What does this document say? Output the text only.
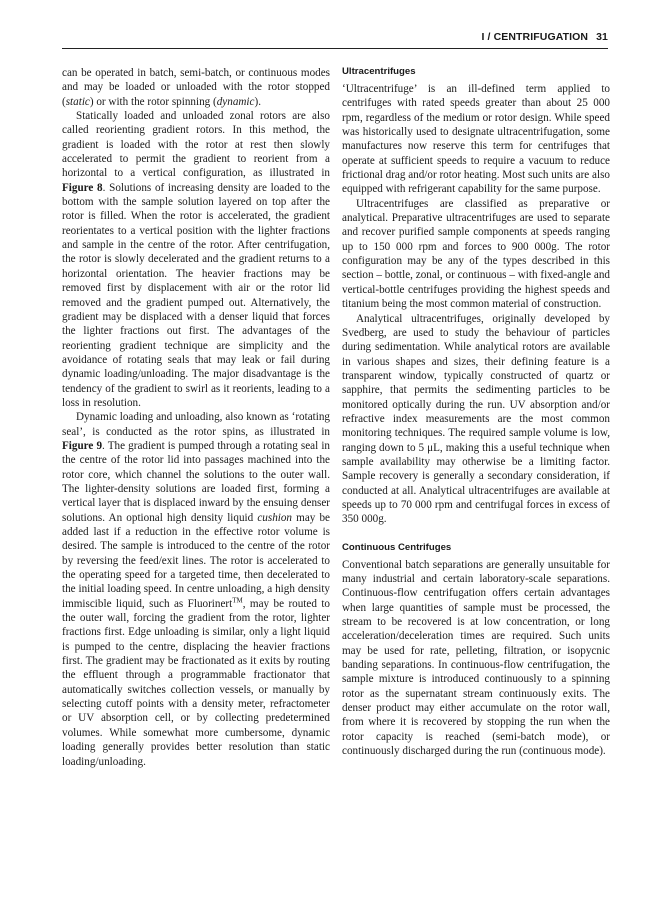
I / CENTRIFUGATION 31

can be operated in batch, semi-batch, or continuous modes and may be loaded or unloaded with the rotor stopped (static) or with the rotor spinning (dynamic).

Statically loaded and unloaded zonal rotors are also called reorienting gradient rotors. In this method, the gradient is loaded with the rotor at rest then slowly accelerated to permit the gradient to reorient from a horizontal to a vertical configuration, as illustrated in Figure 8. Solutions of increasing density are loaded to the bottom with the sample solution layered on top after the rotor is filled. When the rotor is accelerated, the gradient reorientates to a vertical position with the lighter fractions and sample in the centre of the rotor. After centrifugation, the rotor is slowly decelerated and the gradient returns to a horizontal orientation. The heavier fractions may be removed first by displacement with air or the rotor lid removed and the gradient pumped out. Alternatively, the gradient may be displaced with a denser liquid that forces the lighter fractions out first. The advantages of the reorienting gradient technique are simplicity and the avoidance of rotating seals that may leak or fail during dynamic loading/unloading. The major disadvantage is the tendency of the gradient to swirl as it reorients, leading to a loss in resolution.

Dynamic loading and unloading, also known as ‘rotating seal’, is conducted as the rotor spins, as illustrated in Figure 9. The gradient is pumped through a rotating seal in the centre of the rotor lid into passages machined into the rotor core, which channel the solutions to the outer wall. The lighter-density solutions are loaded first, forming a vertical layer that is displaced inward by the ensuing denser solutions. An optional high density liquid cushion may be added last if a reduction in the effective rotor volume is desired. The sample is introduced to the centre of the rotor by reversing the feed/exit lines. The rotor is accelerated to the operating speed for a targeted time, then decelerated to the initial loading speed. In centre unloading, a high density immiscible liquid, such as Fluorinert™, may be routed to the outer wall, forcing the gradient from the rotor, lighter fractions first. Edge unloading is similar, only a light liquid is pumped to the centre, displacing the heavier fractions first. The gradient may be fractionated as it exits by routing the effluent through a programmable fractionator that automatically switches collection vessels, or manually by selecting cutoff points with a density meter, refractometer or UV absorption cell, or by collecting predetermined volumes. While somewhat more cumbersome, dynamic loading generally provides better resolution than static loading/unloading.

Ultracentrifuges

‘Ultracentrifuge’ is an ill-defined term applied to centrifuges with rated speeds greater than about 25 000 rpm, regardless of the medium or rotor design. While speed was historically used to designate ultracentrifugation, some manufactures now reserve this term for centrifuges that operate at sufficient speeds to require a vacuum to reduce frictional drag and/or rotor heating. Most such units are also equipped with refrigerant capability for the same purpose.

Ultracentrifuges are classified as preparative or analytical. Preparative ultracentrifuges are used to separate and recover purified sample components at speeds ranging up to 150 000 rpm and forces to 900 000g. The rotor configuration may be any of the types described in this section – bottle, zonal, or continuous – with fixed-angle and vertical-bottle centrifuges providing the highest speeds and titanium being the most common material of construction.

Analytical ultracentrifuges, originally developed by Svedberg, are used to study the behaviour of particles during sedimentation. While analytical rotors are available in various shapes and sizes, their defining feature is a transparent window, typically constructed of quartz or sapphire, that permits the sedimenting particles to be monitored optically during the run. UV absorption and/or refractive index measurements are the most common monitoring techniques. The required sample volume is low, ranging down to 5 μL, making this a useful technique when sample availability may otherwise be a limiting factor. Sample recovery is generally a secondary consideration, if conducted at all. Analytical ultracentrifuges are available at speeds up to 70 000 rpm and centrifugal forces in excess of 350 000g.

Continuous Centrifuges

Conventional batch separations are generally unsuitable for many industrial and certain laboratory-scale separations. Continuous-flow centrifugation offers certain advantages when large quantities of sample must be processed, the stream to be recovered is at low concentration, or long acceleration/deceleration times are required. Such units may be used for rate, pelleting, filtration, or isopycnic banding separations. In continuous-flow centrifugation, the sample mixture is introduced continuously to a spinning rotor as the supernatant stream continuously exits. The denser product may either accumulate on the rotor wall, from where it is recovered by stopping the run when the rotor capacity is reached (semi-batch mode), or continuously discharged during the run (continuous mode).
